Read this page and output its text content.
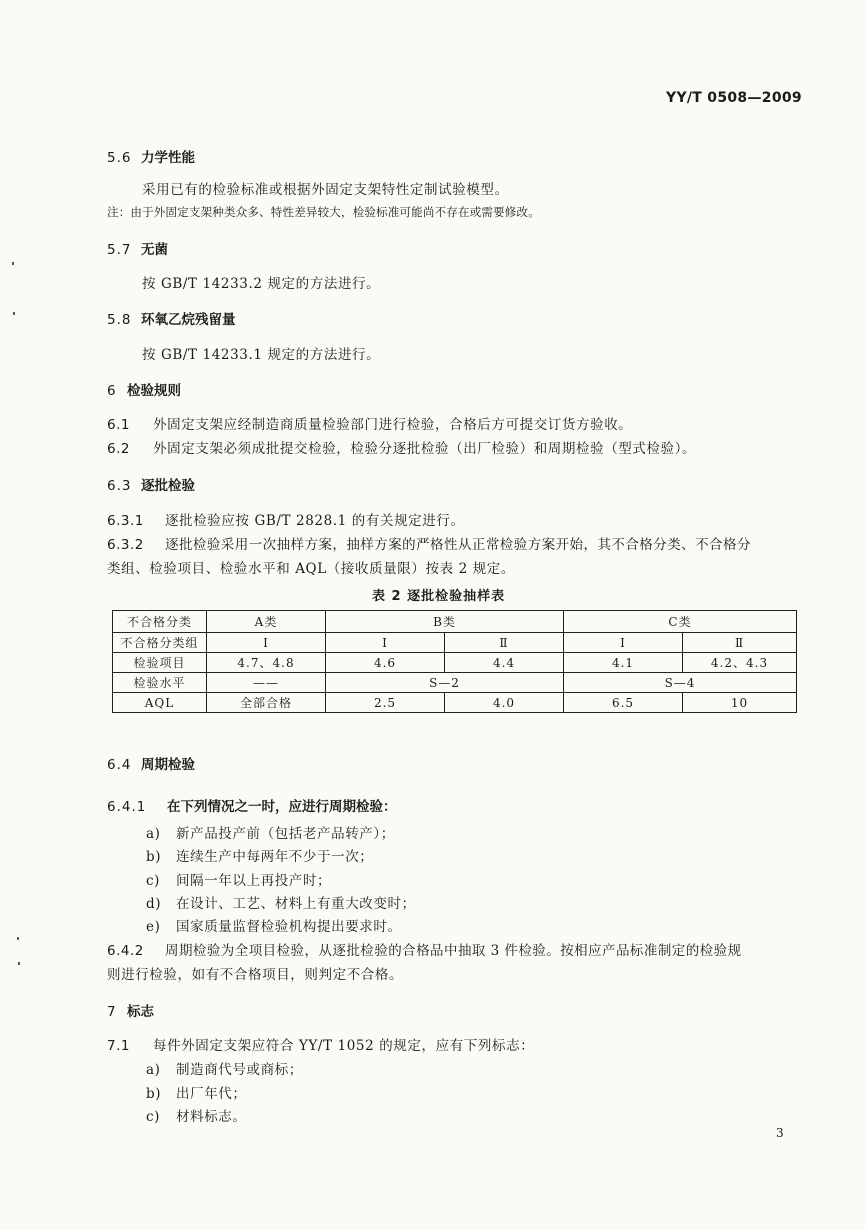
YY/T 0508—2009
5.6 力学性能
采用已有的检验标准或根据外固定支架特性定制试验模型。
注：由于外固定支架种类众多、特性差异较大，检验标准可能尚不存在或需要修改。
5.7 无菌
按 GB/T 14233.2 规定的方法进行。
5.8 环氧乙烷残留量
按 GB/T 14233.1 规定的方法进行。
6 检验规则
6.1 外固定支架应经制造商质量检验部门进行检验，合格后方可提交订货方验收。
6.2 外固定支架必须成批提交检验，检验分逐批检验（出厂检验）和周期检验（型式检验）。
6.3 逐批检验
6.3.1 逐批检验应按 GB/T 2828.1 的有关规定进行。
6.3.2 逐批检验采用一次抽样方案，抽样方案的严格性从正常检验方案开始，其不合格分类、不合格分
类组、检验项目、检验水平和 AQL（接收质量限）按表 2 规定。
表 2 逐批检验抽样表
不合格分类	A类	B类		C类	
不合格分类组	Ⅰ	Ⅰ	Ⅱ	Ⅰ	Ⅱ
检验项目	4.7、4.8	4.6	4.4	4.1	4.2、4.3
检验水平	——	S—2		S—4	
AQL	全部合格	2.5	4.0	6.5	10
6.4 周期检验
6.4.1 在下列情况之一时，应进行周期检验：
a) 新产品投产前（包括老产品转产）；
b) 连续生产中每两年不少于一次；
c) 间隔一年以上再投产时；
d) 在设计、工艺、材料上有重大改变时；
e) 国家质量监督检验机构提出要求时。
6.4.2 周期检验为全项目检验，从逐批检验的合格品中抽取 3 件检验。按相应产品标准制定的检验规
则进行检验，如有不合格项目，则判定不合格。
7 标志
7.1 每件外固定支架应符合 YY/T 1052 的规定，应有下列标志：
a) 制造商代号或商标；
b) 出厂年代；
c) 材料标志。
3
